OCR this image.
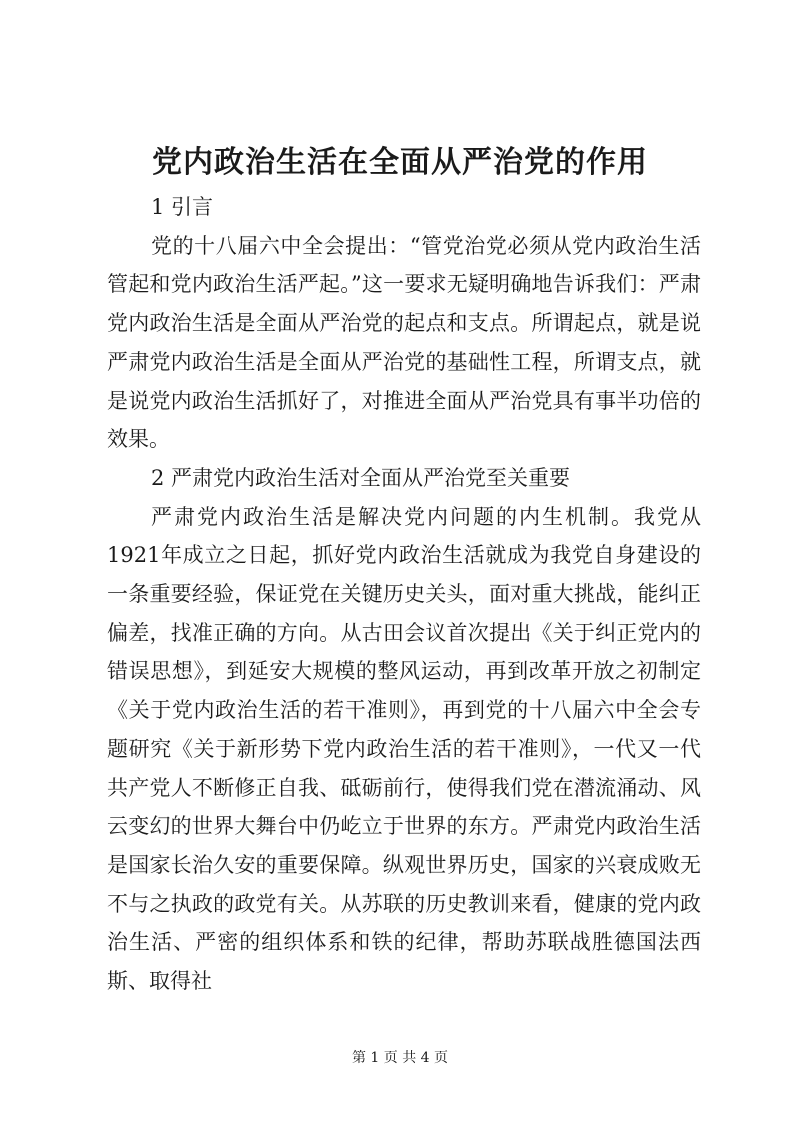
党内政治生活在全面从严治党的作用

1 引言

党的十八届六中全会提出：“管党治党必须从党内政治生活管起和党内政治生活严起。”这一要求无疑明确地告诉我们：严肃党内政治生活是全面从严治党的起点和支点。所谓起点，就是说严肃党内政治生活是全面从严治党的基础性工程，所谓支点，就是说党内政治生活抓好了，对推进全面从严治党具有事半功倍的效果。

2 严肃党内政治生活对全面从严治党至关重要

严肃党内政治生活是解决党内问题的内生机制。我党从1921年成立之日起，抓好党内政治生活就成为我党自身建设的一条重要经验，保证党在关键历史关头，面对重大挑战，能纠正偏差，找准正确的方向。从古田会议首次提出《关于纠正党内的错误思想》，到延安大规模的整风运动，再到改革开放之初制定《关于党内政治生活的若干准则》，再到党的十八届六中全会专题研究《关于新形势下党内政治生活的若干准则》，一代又一代共产党人不断修正自我、砥砺前行，使得我们党在潜流涌动、风云变幻的世界大舞台中仍屹立于世界的东方。严肃党内政治生活是国家长治久安的重要保障。纵观世界历史，国家的兴衰成败无不与之执政的政党有关。从苏联的历史教训来看，健康的党内政治生活、严密的组织体系和铁的纪律，帮助苏联战胜德国法西斯、取得社

第 1 页 共 4 页
